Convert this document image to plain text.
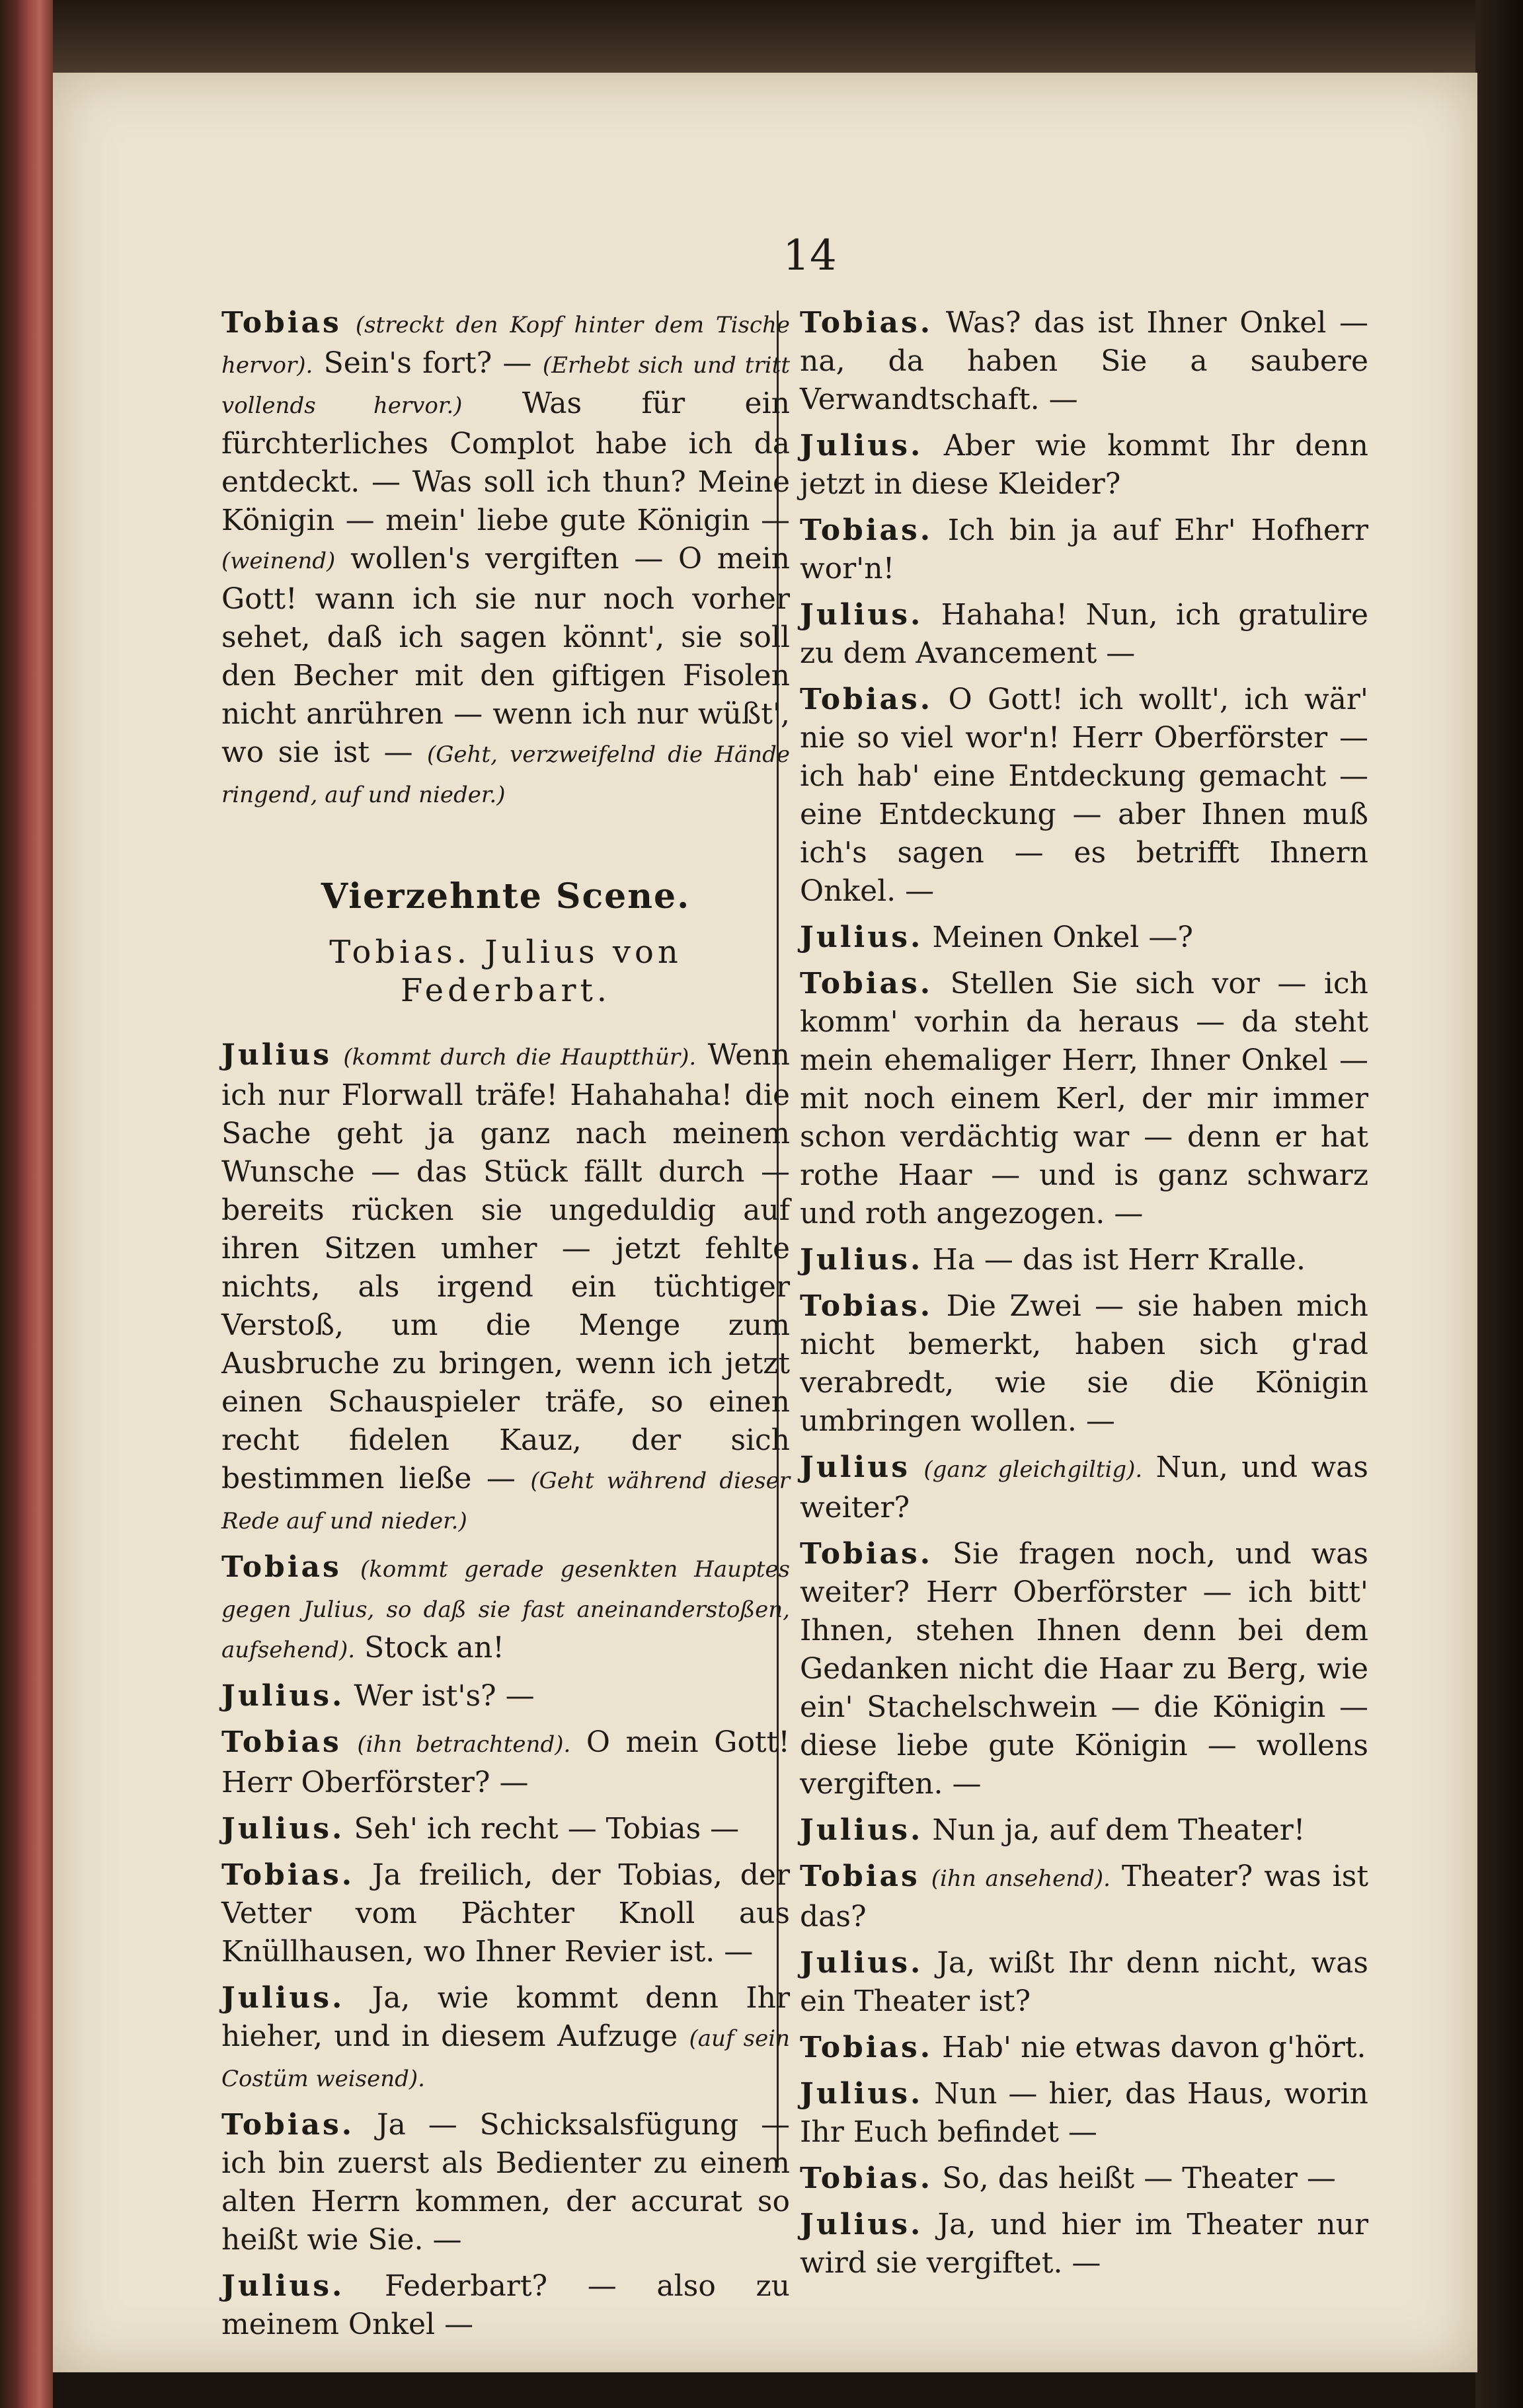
14

Tobias (streckt den Kopf hinter dem Tische hervor). Sein's fort? — (Erhebt sich und tritt vollends hervor.) Was für ein fürchterliches Complot habe ich da entdeckt. — Was soll ich thun? Meine Königin — mein' liebe gute Königin — (weinend) wollen's vergiften — O mein Gott! wann ich sie nur noch vorher sehet, daß ich sagen könnt', sie soll den Becher mit den giftigen Fisolen nicht anrühren — wenn ich nur wüßt', wo sie ist — (Geht, verzweifelnd die Hände ringend, auf und nieder.)

Vierzehnte Scene.
Tobias. Julius von Federbart.

Julius (kommt durch die Hauptthür). Wenn ich nur Florwall träfe! Hahahaha! die Sache geht ja ganz nach meinem Wunsche — das Stück fällt durch — bereits rücken sie ungeduldig auf ihren Sitzen umher — jetzt fehlte nichts, als irgend ein tüchtiger Verstoß, um die Menge zum Ausbruche zu bringen, wenn ich jetzt einen Schauspieler träfe, so einen recht fidelen Kauz, der sich bestimmen ließe — (Geht während dieser Rede auf und nieder.)

Tobias (kommt gerade gesenkten Hauptes gegen Julius, so daß sie fast aneinanderstoßen, aufsehend). Stock an!

Julius. Wer ist's? —

Tobias (ihn betrachtend). O mein Gott! Herr Oberförster? —

Julius. Seh' ich recht — Tobias —

Tobias. Ja freilich, der Tobias, der Vetter vom Pächter Knoll aus Knüllhausen, wo Ihner Revier ist. —

Julius. Ja, wie kommt denn Ihr hieher, und in diesem Aufzuge (auf sein Costüm weisend).

Tobias. Ja — Schicksalsfügung — ich bin zuerst als Bedienter zu einem alten Herrn kommen, der accurat so heißt wie Sie. —

Julius. Federbart? — also zu meinem Onkel —

Tobias. Was? das ist Ihner Onkel — na, da haben Sie a saubere Verwandtschaft. —

Julius. Aber wie kommt Ihr denn jetzt in diese Kleider?

Tobias. Ich bin ja auf Ehr' Hofherr wor'n!

Julius. Hahaha! Nun, ich gratulire zu dem Avancement —

Tobias. O Gott! ich wollt', ich wär' nie so viel wor'n! Herr Oberförster — ich hab' eine Entdeckung gemacht — eine Entdeckung — aber Ihnen muß ich's sagen — es betrifft Ihnern Onkel. —

Julius. Meinen Onkel —?

Tobias. Stellen Sie sich vor — ich komm' vorhin da heraus — da steht mein ehemaliger Herr, Ihner Onkel — mit noch einem Kerl, der mir immer schon verdächtig war — denn er hat rothe Haar — und is ganz schwarz und roth angezogen. —

Julius. Ha — das ist Herr Kralle.

Tobias. Die Zwei — sie haben mich nicht bemerkt, haben sich g'rad verabredt, wie sie die Königin umbringen wollen. —

Julius (ganz gleichgiltig). Nun, und was weiter?

Tobias. Sie fragen noch, und was weiter? Herr Oberförster — ich bitt' Ihnen, stehen Ihnen denn bei dem Gedanken nicht die Haar zu Berg, wie ein' Stachelschwein — die Königin — diese liebe gute Königin — wollens vergiften. —

Julius. Nun ja, auf dem Theater!

Tobias (ihn ansehend). Theater? was ist das?

Julius. Ja, wißt Ihr denn nicht, was ein Theater ist?

Tobias. Hab' nie etwas davon g'hört.

Julius. Nun — hier, das Haus, worin Ihr Euch befindet —

Tobias. So, das heißt — Theater —

Julius. Ja, und hier im Theater nur wird sie vergiftet. —
